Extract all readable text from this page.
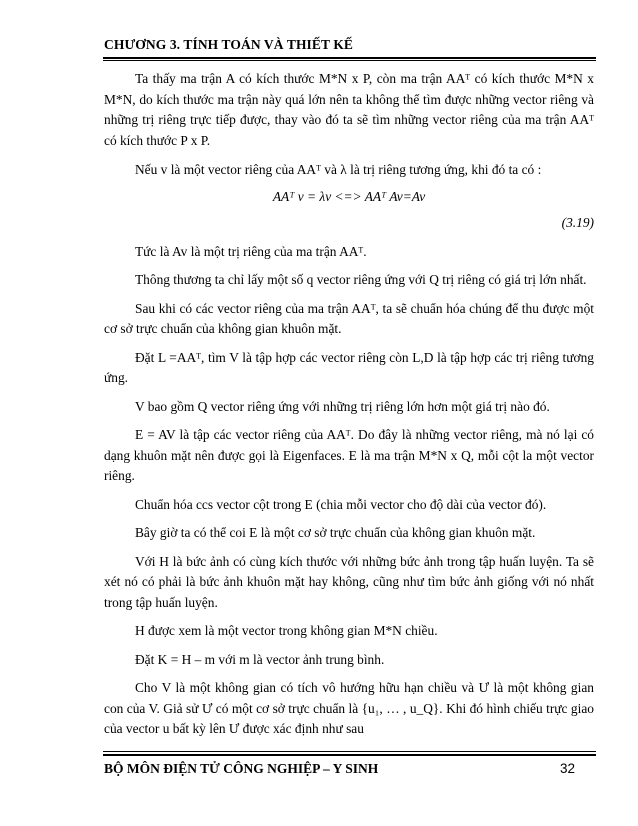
CHƯƠNG 3. TÍNH TOÁN VÀ THIẾT KẾ

Ta thấy ma trận A có kích thước M*N x P, còn ma trận AAᵀ có kích thước M*N x M*N, do kích thước ma trận này quá lớn nên ta không thể tìm được những vector riêng và những trị riêng trực tiếp được, thay vào đó ta sẽ tìm những vector riêng của ma trận AAᵀ có kích thước P x P.

Nếu v là một vector riêng của AAᵀ và λ là trị riêng tương ứng, khi đó ta có :

AAᵀ v = λv <=> AAᵀ Av=Av

(3.19)

Tức là Av là một trị riêng của ma trận AAᵀ.

Thông thương ta chỉ lấy một số q vector riêng ứng với Q trị riêng có giá trị lớn nhất.

Sau khi có các vector riêng của ma trận AAᵀ, ta sẽ chuẩn hóa chúng để thu được một cơ sở trực chuẩn của không gian khuôn mặt.

Đặt L =AAᵀ, tìm V là tập hợp các vector riêng còn L,D là tập hợp các trị riêng tương ứng.

V bao gồm Q vector riêng ứng với những trị riêng lớn hơn một giá trị nào đó.

E = AV là tập các vector riêng của AAᵀ. Do đây là những vector riêng, mà nó lại có dạng khuôn mặt nên được gọi là Eigenfaces. E là ma trận M*N x Q, mỗi cột la một vector riêng.

Chuẩn hóa ccs vector cột trong E (chia mỗi vector cho độ dài của vector đó).

Bây giờ ta có thể coi E là một cơ sở trực chuẩn của không gian khuôn mặt.

Với H là bức ảnh có cùng kích thước với những bức ảnh trong tập huấn luyện. Ta sẽ xét nó có phải là bức ảnh khuôn mặt hay không, cũng như tìm bức ảnh giống với nó nhất trong tập huấn luyện.

H được xem là một vector trong không gian M*N chiều.

Đặt K = H – m với m là vector ảnh trung bình.

Cho V là một không gian có tích vô hướng hữu hạn chiều và Ư là một không gian con của V. Giả sử Ư có một cơ sở trực chuẩn là {u₁, … , u_Q}. Khi đó hình chiếu trực giao của vector u bất kỳ lên Ư được xác định như sau

BỘ MÔN ĐIỆN TỬ CÔNG NGHIỆP – Y SINH	32
